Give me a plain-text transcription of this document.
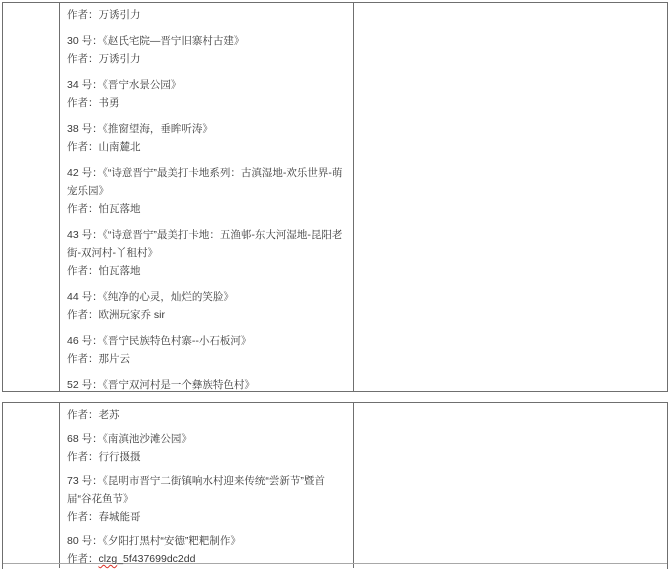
作者：万诱引力

30 号：《赵氏宅院—晋宁旧寨村古建》

作者：万诱引力

34 号：《晋宁水景公园》

作者：书勇

38 号：《推窗望海，垂眸听涛》

作者：山南麓北

42 号：《“诗意晋宁”最美打卡地系列：古滇湿地-欢乐世界-萌宠乐园》

作者：怕瓦落地

43 号：《“诗意晋宁”最美打卡地：五渔邨-东大河湿地-昆阳老街-双河村-丫租村》

作者：怕瓦落地

44 号：《纯净的心灵，灿烂的笑脸》

作者：欧洲玩家乔 sir

46 号：《晋宁民族特色村寨--小石板河》

作者：那片云

52 号：《晋宁双河村是一个彝族特色村》

作者：老苏

68 号：《南滇池沙滩公园》

作者：行行摄摄

73 号：《昆明市晋宁二街镇响水村迎来传统“尝新节”暨首届“谷花鱼节》

作者：春城能哥

80 号：《夕阳打黑村“安德”粑粑制作》

作者：clzg_5f437699dc2dd
